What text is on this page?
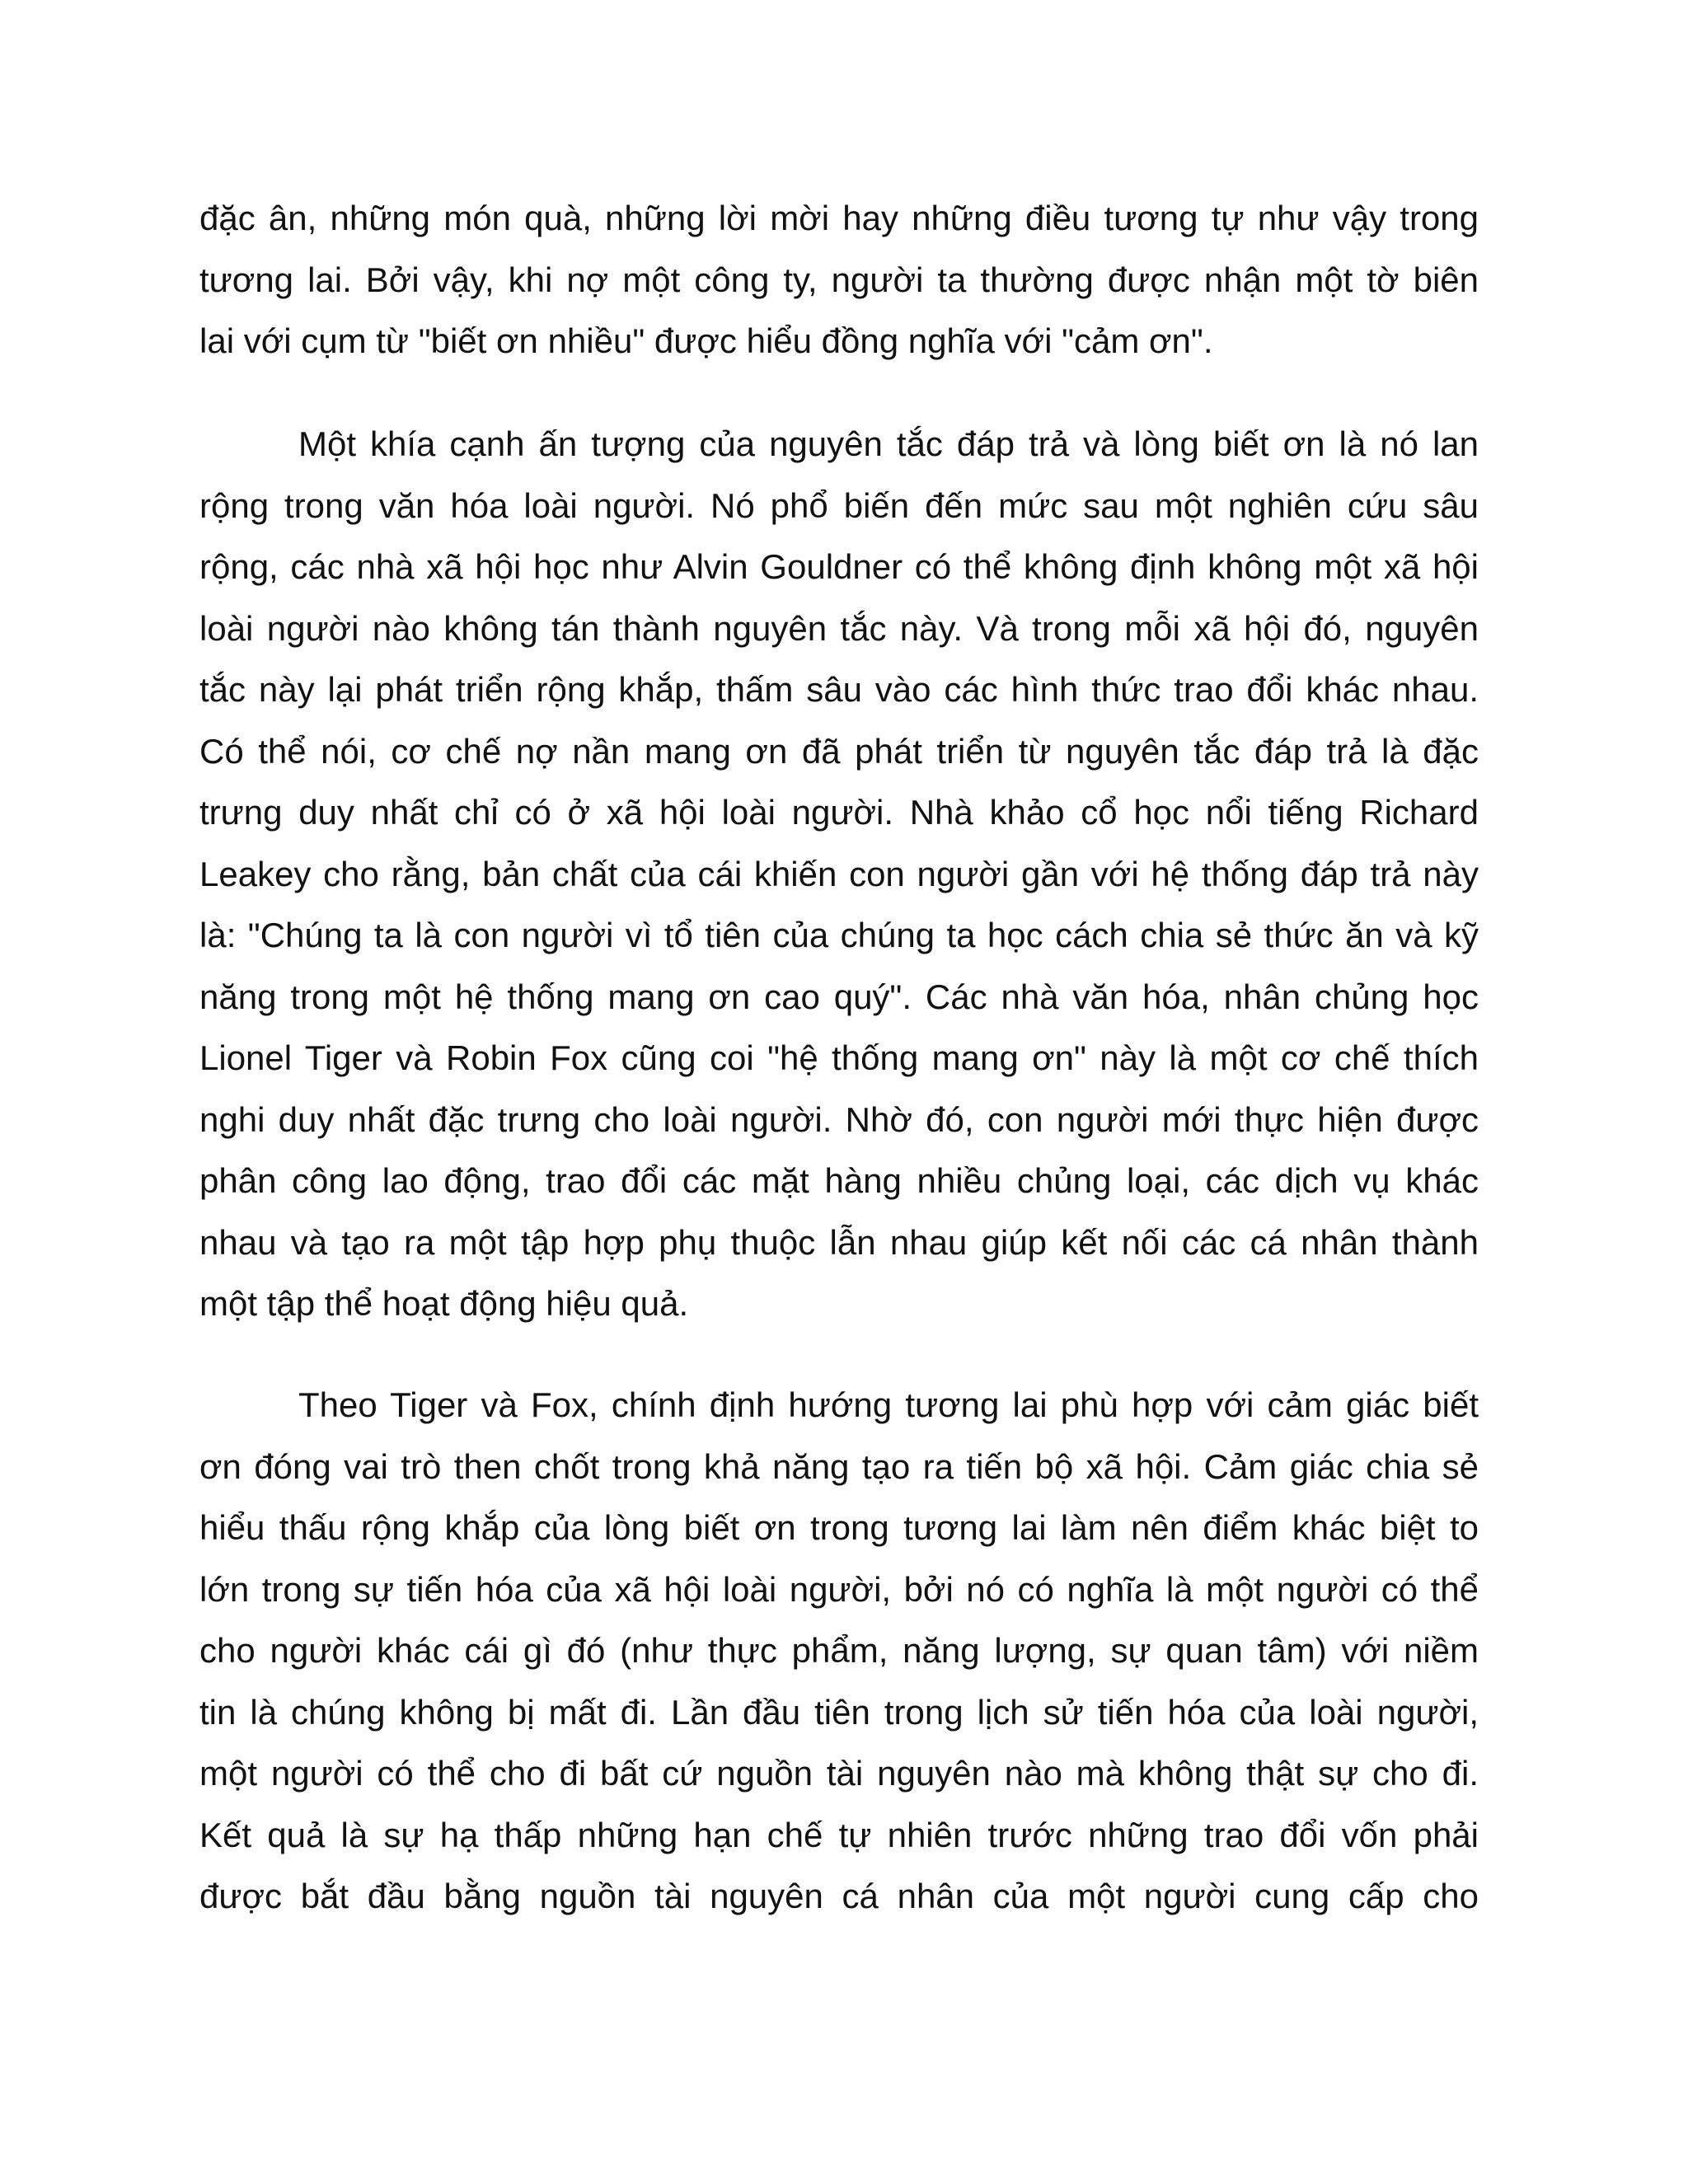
đặc ân, những món quà, những lời mời hay những điều tương tự như vậy trong
tương lai. Bởi vậy, khi nợ một công ty, người ta thường được nhận một tờ biên
lai với cụm từ "biết ơn nhiều" được hiểu đồng nghĩa với "cảm ơn".
Một khía cạnh ấn tượng của nguyên tắc đáp trả và lòng biết ơn là nó lan
rộng trong văn hóa loài người. Nó phổ biến đến mức sau một nghiên cứu sâu
rộng, các nhà xã hội học như Alvin Gouldner có thể không định không một xã hội
loài người nào không tán thành nguyên tắc này. Và trong mỗi xã hội đó, nguyên
tắc này lại phát triển rộng khắp, thấm sâu vào các hình thức trao đổi khác nhau.
Có thể nói, cơ chế nợ nần mang ơn đã phát triển từ nguyên tắc đáp trả là đặc
trưng duy nhất chỉ có ở xã hội loài người. Nhà khảo cổ học nổi tiếng Richard
Leakey cho rằng, bản chất của cái khiến con người gần với hệ thống đáp trả này
là: "Chúng ta là con người vì tổ tiên của chúng ta học cách chia sẻ thức ăn và kỹ
năng trong một hệ thống mang ơn cao quý". Các nhà văn hóa, nhân chủng học
Lionel Tiger và Robin Fox cũng coi "hệ thống mang ơn" này là một cơ chế thích
nghi duy nhất đặc trưng cho loài người. Nhờ đó, con người mới thực hiện được
phân công lao động, trao đổi các mặt hàng nhiều chủng loại, các dịch vụ khác
nhau và tạo ra một tập hợp phụ thuộc lẫn nhau giúp kết nối các cá nhân thành
một tập thể hoạt động hiệu quả.
Theo Tiger và Fox, chính định hướng tương lai phù hợp với cảm giác biết
ơn đóng vai trò then chốt trong khả năng tạo ra tiến bộ xã hội. Cảm giác chia sẻ
hiểu thấu rộng khắp của lòng biết ơn trong tương lai làm nên điểm khác biệt to
lớn trong sự tiến hóa của xã hội loài người, bởi nó có nghĩa là một người có thể
cho người khác cái gì đó (như thực phẩm, năng lượng, sự quan tâm) với niềm
tin là chúng không bị mất đi. Lần đầu tiên trong lịch sử tiến hóa của loài người,
một người có thể cho đi bất cứ nguồn tài nguyên nào mà không thật sự cho đi.
Kết quả là sự hạ thấp những hạn chế tự nhiên trước những trao đổi vốn phải
được bắt đầu bằng nguồn tài nguyên cá nhân của một người cung cấp cho
